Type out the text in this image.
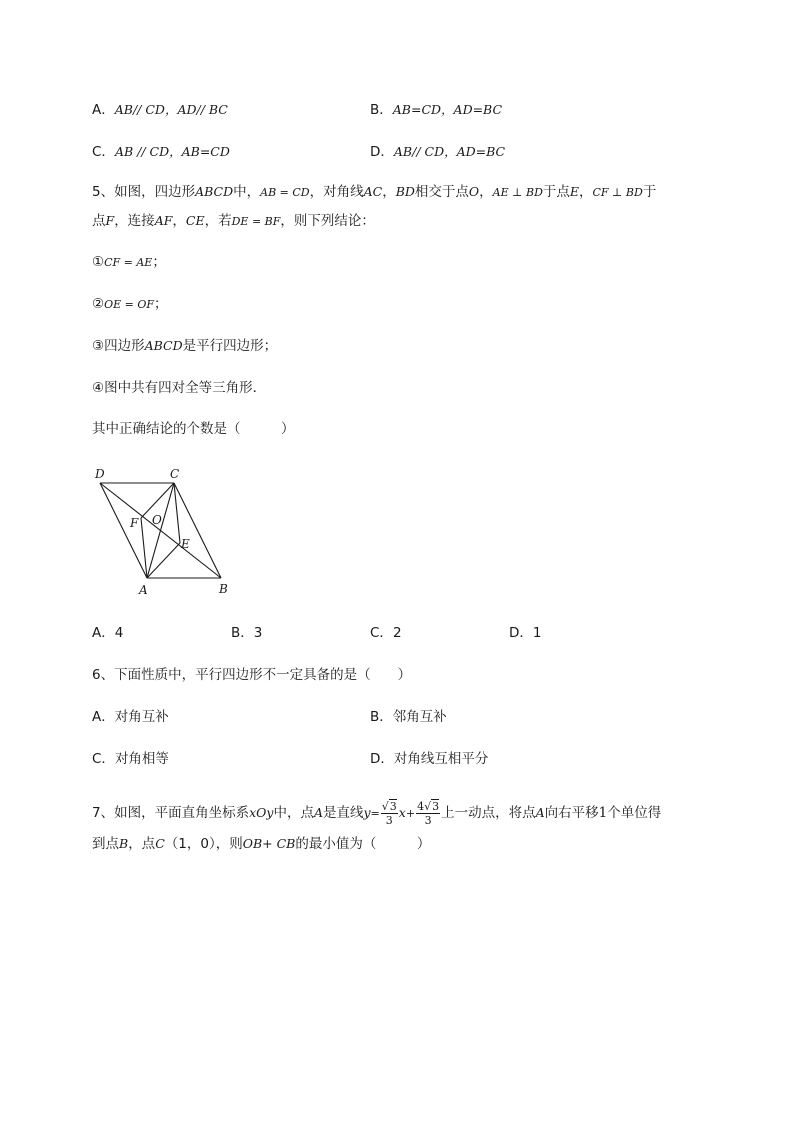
A．AB// CD，AD// BC	B．AB=CD，AD=BC
C．AB // CD，AB=CD	D．AB// CD，AD=BC
5、如图，四边形ABCD中，AB = CD，对角线AC，BD相交于点O，AE ⊥ BD于点E，CF ⊥ BD于
点F，连接AF，CE，若DE = BF，则下列结论：
①CF = AE；
②OE = OF；
③四边形ABCD是平行四边形；
④图中共有四对全等三角形．
其中正确结论的个数是（　　　）
D	C
F O
E
A	B
A．4	B．3	C．2	D．1
6、下面性质中，平行四边形不一定具备的是（　　）
A．对角互补	B．邻角互补
C．对角相等	D．对角线互相平分
7、如图，平面直角坐标系xOy中，点A是直线$y= \frac{√3}{3} x+ \frac{4√3}{3}$ 上一动点，将点A向右平移1个单位得
到点B，点C（1，0），则OB+ CB的最小值为（　　　）
